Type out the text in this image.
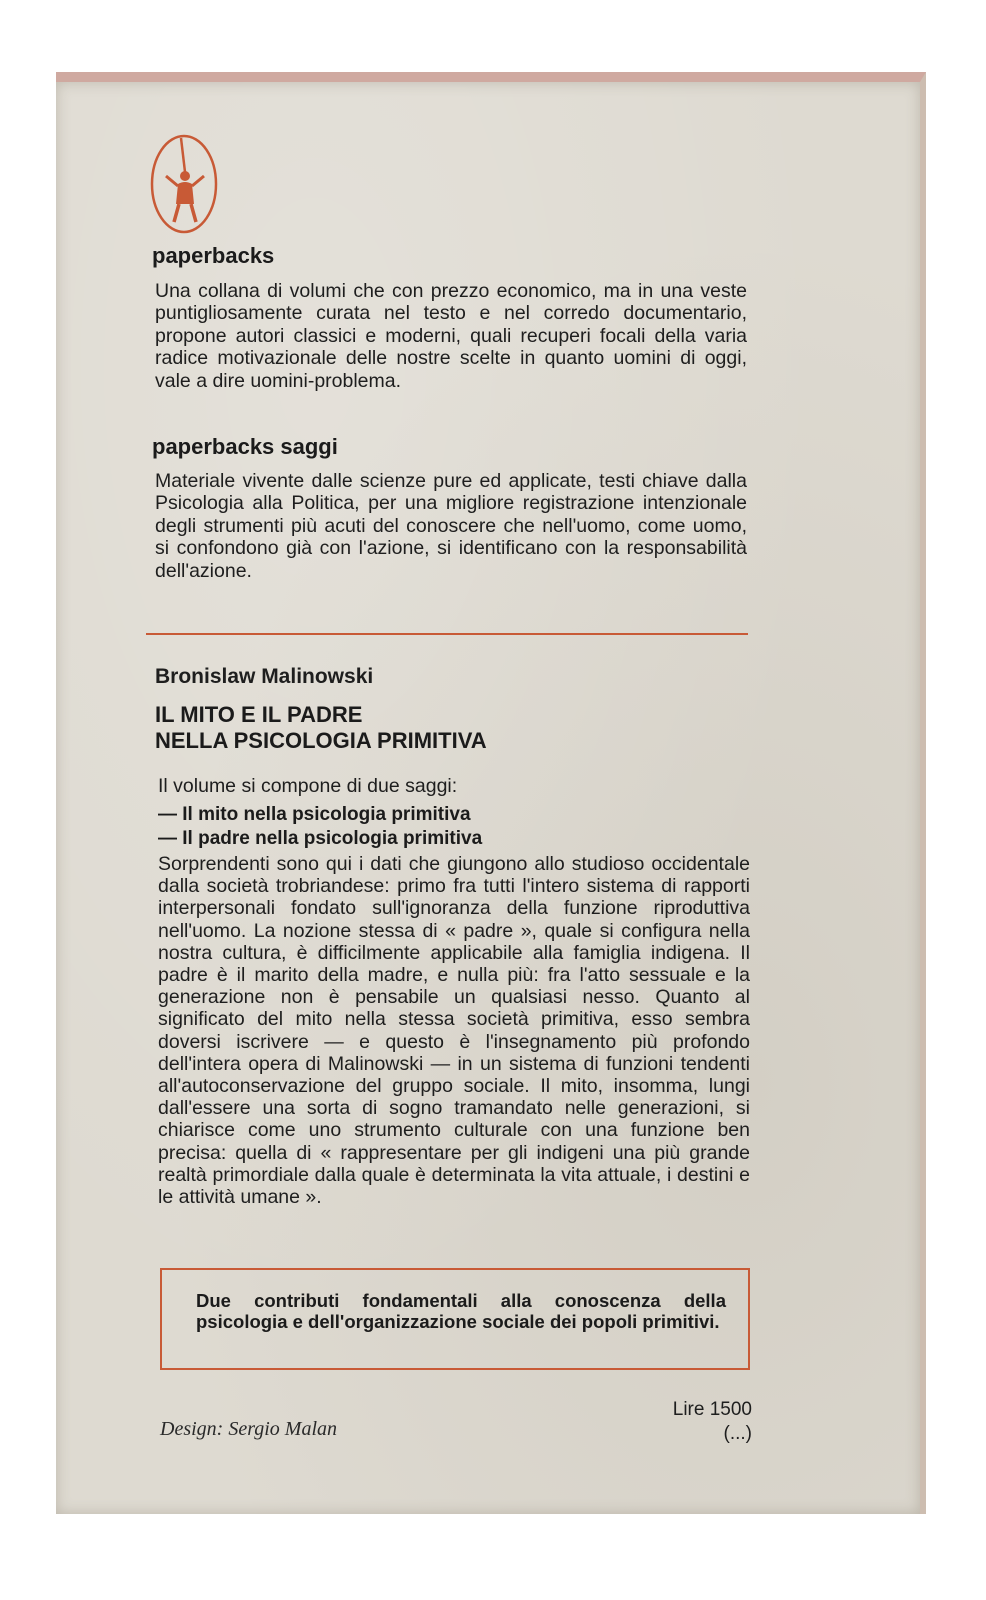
paperbacks

Una collana di volumi che con prezzo economico, ma in una veste puntigliosamente curata nel testo e nel corredo documentario, propone autori classici e moderni, quali recuperi focali della varia radice motivazionale delle nostre scelte in quanto uomini di oggi, vale a dire uomini-problema.

paperbacks saggi

Materiale vivente dalle scienze pure ed applicate, testi chiave dalla Psicologia alla Politica, per una migliore registrazione intenzionale degli strumenti più acuti del conoscere che nell'uomo, come uomo, si confondono già con l'azione, si identificano con la responsabilità dell'azione.

Bronislaw Malinowski

IL MITO E IL PADRE
NELLA PSICOLOGIA PRIMITIVA

Il volume si compone di due saggi:

— Il mito nella psicologia primitiva
— Il padre nella psicologia primitiva

Sorprendenti sono qui i dati che giungono allo studioso occidentale dalla società trobriandese: primo fra tutti l'intero sistema di rapporti interpersonali fondato sull'ignoranza della funzione riproduttiva nell'uomo. La nozione stessa di « padre », quale si configura nella nostra cultura, è difficilmente applicabile alla famiglia indigena. Il padre è il marito della madre, e nulla più: fra l'atto sessuale e la generazione non è pensabile un qualsiasi nesso. Quanto al significato del mito nella stessa società primitiva, esso sembra doversi iscrivere — e questo è l'insegnamento più profondo dell'intera opera di Malinowski — in un sistema di funzioni tendenti all'autoconservazione del gruppo sociale. Il mito, insomma, lungi dall'essere una sorta di sogno tramandato nelle generazioni, si chiarisce come uno strumento culturale con una funzione ben precisa: quella di « rappresentare per gli indigeni una più grande realtà primordiale dalla quale è determinata la vita attuale, i destini e le attività umane ».

Due contributi fondamentali alla conoscenza della psicologia e dell'organizzazione sociale dei popoli primitivi.

Design: Sergio Malan

Lire 1500
(...)
